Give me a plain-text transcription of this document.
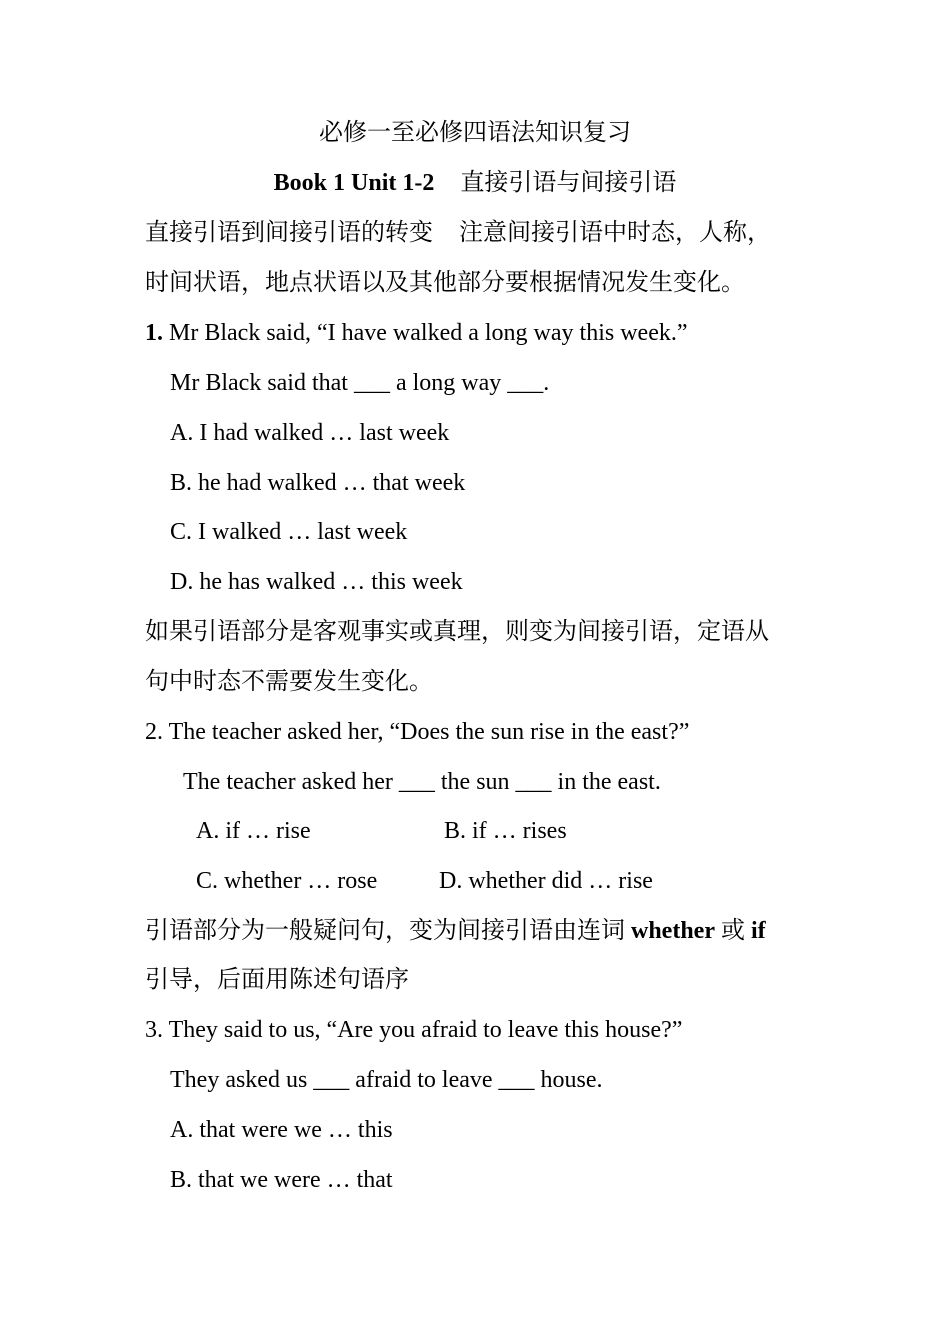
必修一至必修四语法知识复习
Book 1 Unit 1-2 直接引语与间接引语
直接引语到间接引语的转变 注意间接引语中时态，人称，
时间状语，地点状语以及其他部分要根据情况发生变化。
1. Mr Black said, “I have walked a long way this week.”
Mr Black said that ___ a long way ___.
A. I had walked … last week
B. he had walked … that week
C. I walked … last week
D. he has walked … this week
如果引语部分是客观事实或真理，则变为间接引语，定语从
句中时态不需要发生变化。
2. The teacher asked her, “Does the sun rise in the east?”
The teacher asked her ___ the sun ___ in the east.
A. if … rise	B. if … rises
C. whether … rose	D. whether did … rise
引语部分为一般疑问句，变为间接引语由连词 whether 或 if
引导，后面用陈述句语序
3. They said to us, “Are you afraid to leave this house?”
They asked us ___ afraid to leave ___ house.
A. that were we … this
B. that we were … that
